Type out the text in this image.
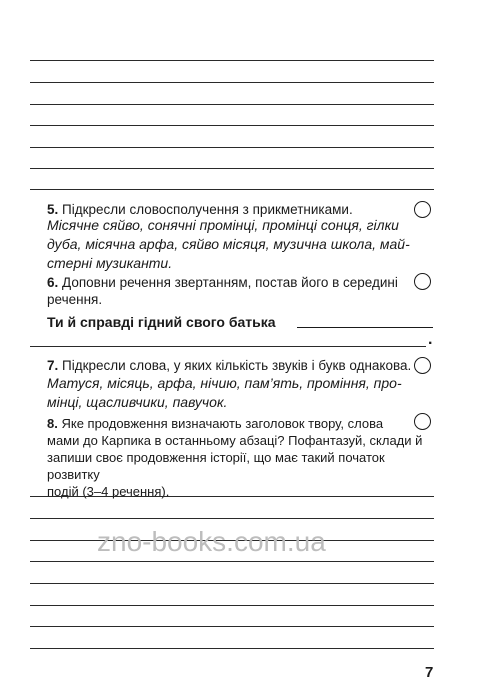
5. Підкресли словосполучення з прикметниками.
Місячне сяйво, сонячні промінці, промінці сонця, гілки
дуба, місячна арфа, сяйво місяця, музична школа, май-
стерні музиканти.
6. Доповни речення звертанням, постав його в середині
речення.
Ти й справді гідний свого батька
.
7. Підкресли слова, у яких кількість звуків і букв однакова.
Матуся, місяць, арфа, нічию, пам’ять, проміння, про-
мінці, щасливчики, павучок.
8. Яке продовження визначають заголовок твору, слова
мами до Карпика в останньому абзаці? Пофантазуй, склади й
запиши своє продовження історії, що має такий початок розвитку
подій (3–4 речення).
zno-books.com.ua
7
